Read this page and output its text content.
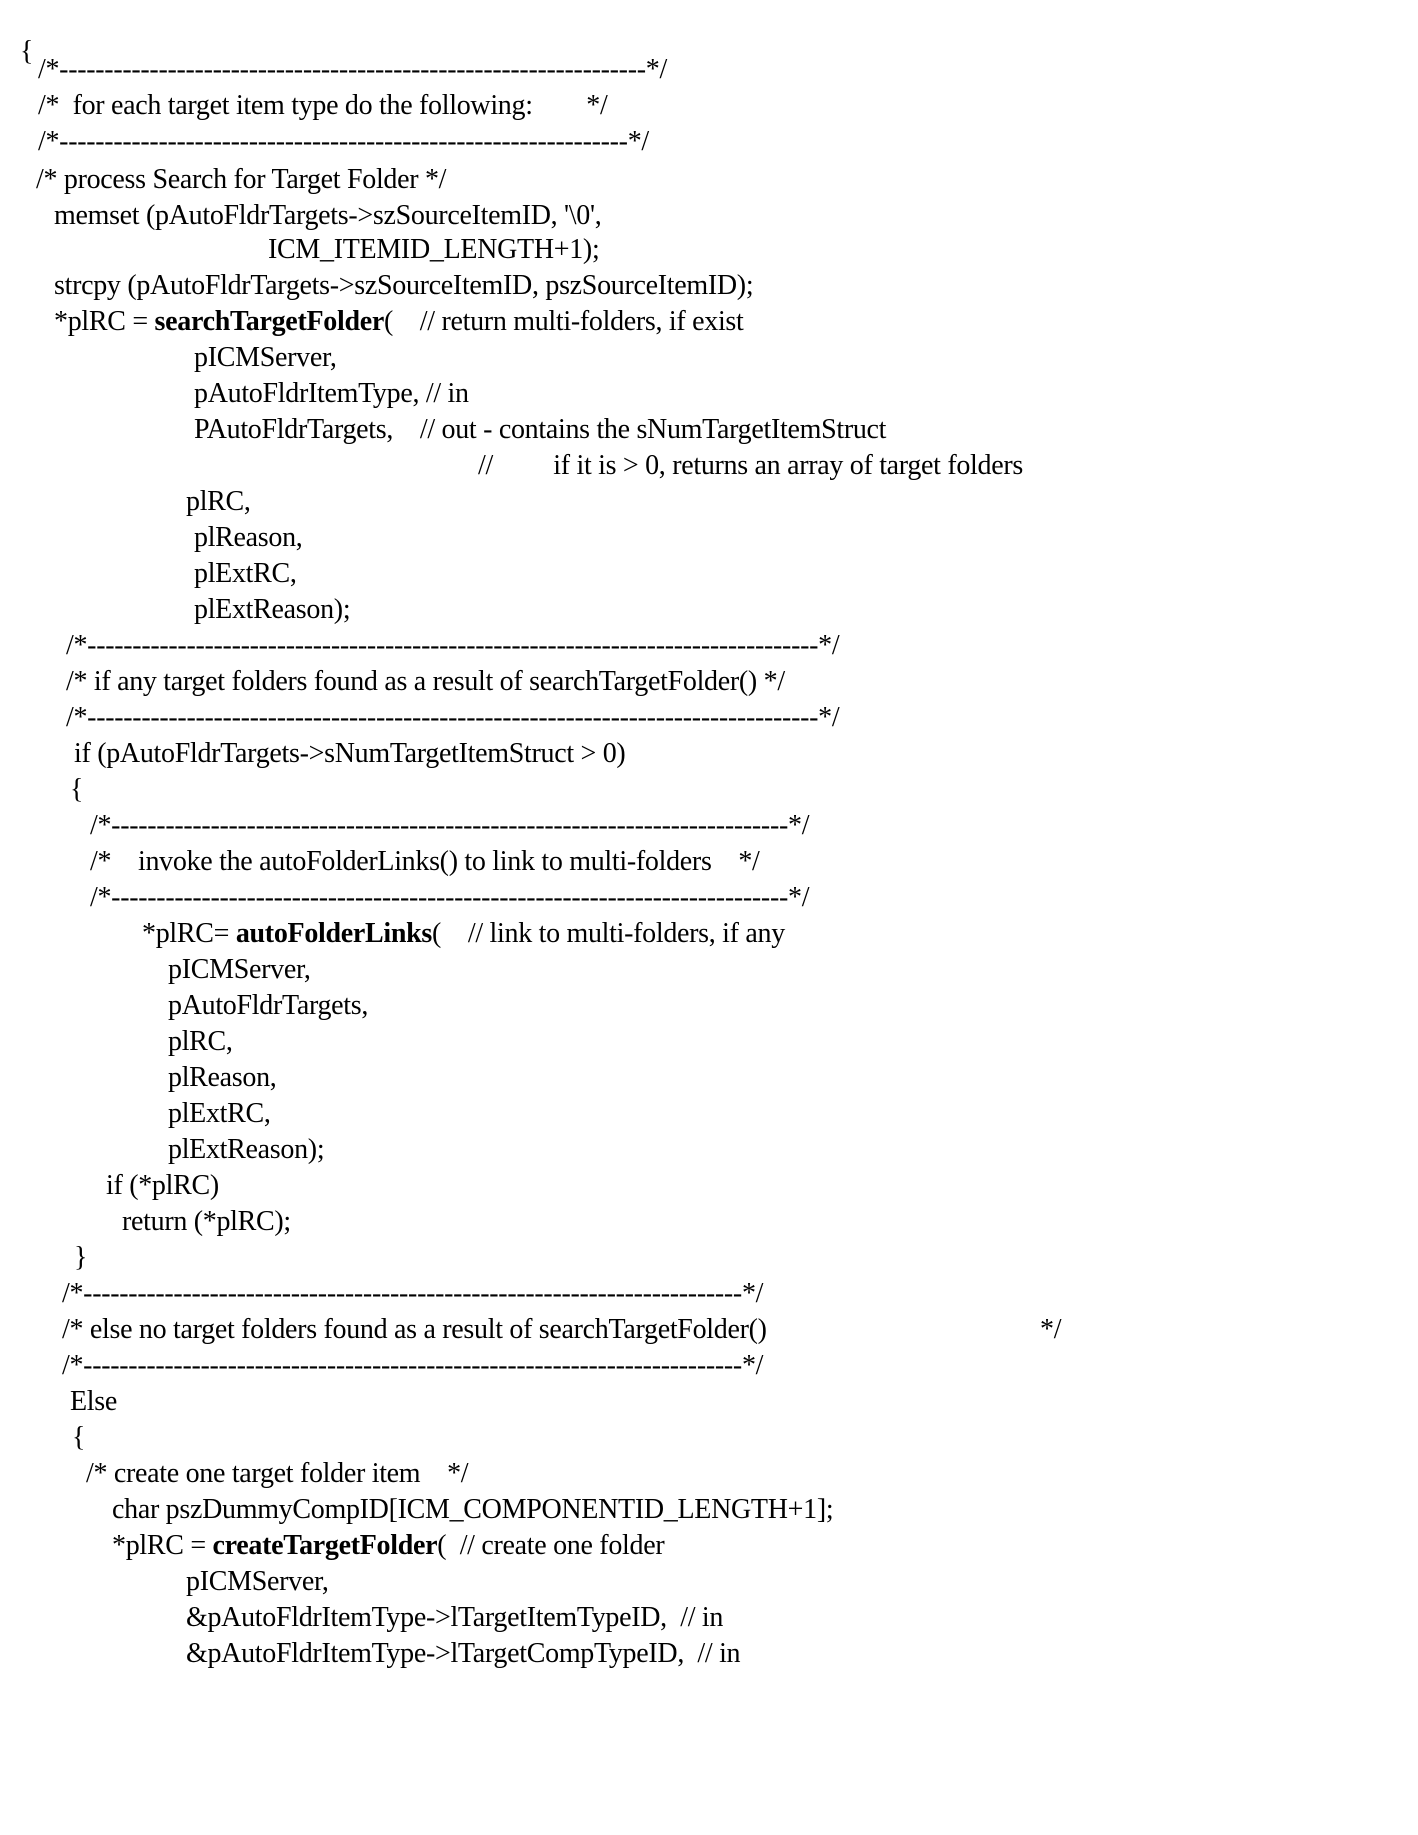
{
/*-----------------------------------------------------------------*/
/*  for each target item type do the following:        */
/*---------------------------------------------------------------*/
/* process Search for Target Folder */
memset (pAutoFldrTargets->szSourceItemID, '\0',
ICM_ITEMID_LENGTH+1);
strcpy (pAutoFldrTargets->szSourceItemID, pszSourceItemID);
*plRC = searchTargetFolder(    // return multi-folders, if exist
pICMServer,
pAutoFldrItemType, // in
PAutoFldrTargets,    // out - contains the sNumTargetItemStruct
//         if it is > 0, returns an array of target folders
plRC,
plReason,
plExtRC,
plExtReason);
/*---------------------------------------------------------------------------------*/
/* if any target folders found as a result of searchTargetFolder() */
/*---------------------------------------------------------------------------------*/
if (pAutoFldrTargets->sNumTargetItemStruct > 0)
{
/*---------------------------------------------------------------------------*/
/*    invoke the autoFolderLinks() to link to multi-folders    */
/*---------------------------------------------------------------------------*/
*plRC= autoFolderLinks(    // link to multi-folders, if any
pICMServer,
pAutoFldrTargets,
plRC,
plReason,
plExtRC,
plExtReason);
if (*plRC)
return (*plRC);
}
/*-------------------------------------------------------------------------*/
/* else no target folders found as a result of searchTargetFolder()	*/
/*-------------------------------------------------------------------------*/
Else
{
/* create one target folder item    */
char pszDummyCompID[ICM_COMPONENTID_LENGTH+1];
*plRC = createTargetFolder(  // create one folder
pICMServer,
&pAutoFldrItemType->lTargetItemTypeID,  // in
&pAutoFldrItemType->lTargetCompTypeID,  // in
